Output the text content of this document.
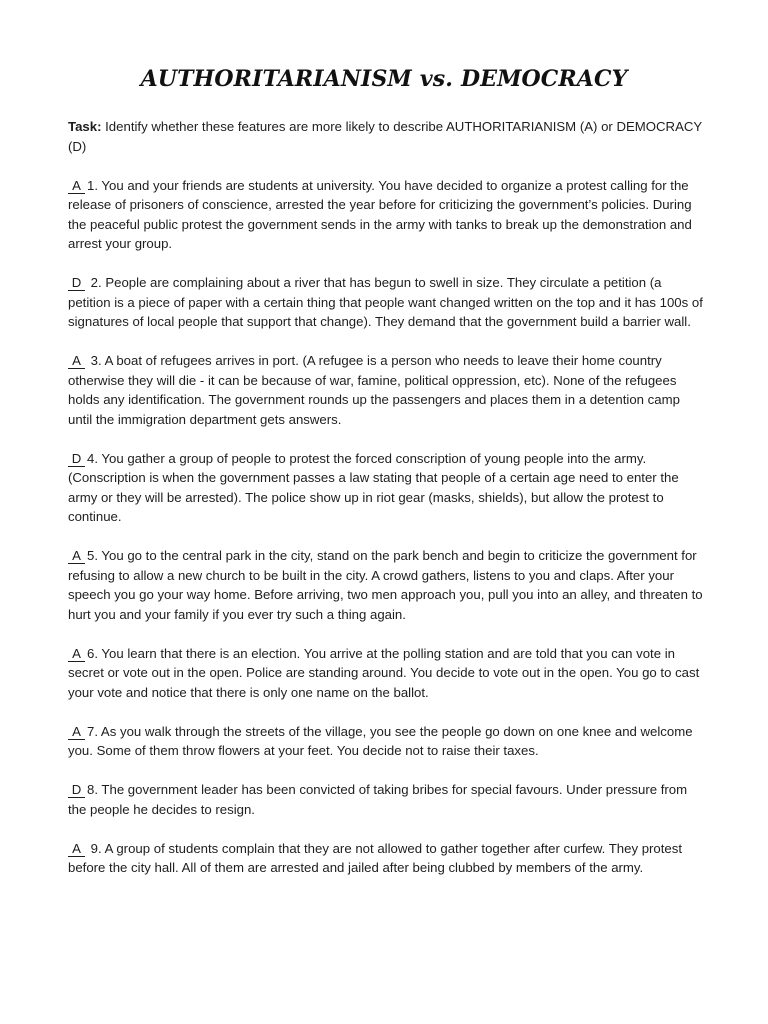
AUTHORITARIANISM vs. DEMOCRACY

Task: Identify whether these features are more likely to describe AUTHORITARIANISM (A) or DEMOCRACY (D)

A 1. You and your friends are students at university. You have decided to organize a protest calling for the release of prisoners of conscience, arrested the year before for criticizing the government’s policies. During the peaceful public protest the government sends in the army with tanks to break up the demonstration and arrest your group.

D 2. People are complaining about a river that has begun to swell in size. They circulate a petition (a petition is a piece of paper with a certain thing that people want changed written on the top and it has 100s of signatures of local people that support that change). They demand that the government build a barrier wall.

A 3. A boat of refugees arrives in port. (A refugee is a person who needs to leave their home country otherwise they will die - it can be because of war, famine, political oppression, etc). None of the refugees holds any identification. The government rounds up the passengers and places them in a detention camp until the immigration department gets answers.

D 4. You gather a group of people to protest the forced conscription of young people into the army. (Conscription is when the government passes a law stating that people of a certain age need to enter the army or they will be arrested). The police show up in riot gear (masks, shields), but allow the protest to continue.

A 5. You go to the central park in the city, stand on the park bench and begin to criticize the government for refusing to allow a new church to be built in the city. A crowd gathers, listens to you and claps. After your speech you go your way home. Before arriving, two men approach you, pull you into an alley, and threaten to hurt you and your family if you ever try such a thing again.

A 6. You learn that there is an election. You arrive at the polling station and are told that you can vote in secret or vote out in the open. Police are standing around. You decide to vote out in the open. You go to cast your vote and notice that there is only one name on the ballot.

A 7. As you walk through the streets of the village, you see the people go down on one knee and welcome you. Some of them throw flowers at your feet. You decide not to raise their taxes.

D 8. The government leader has been convicted of taking bribes for special favours. Under pressure from the people he decides to resign.

A 9. A group of students complain that they are not allowed to gather together after curfew. They protest before the city hall. All of them are arrested and jailed after being clubbed by members of the army.
